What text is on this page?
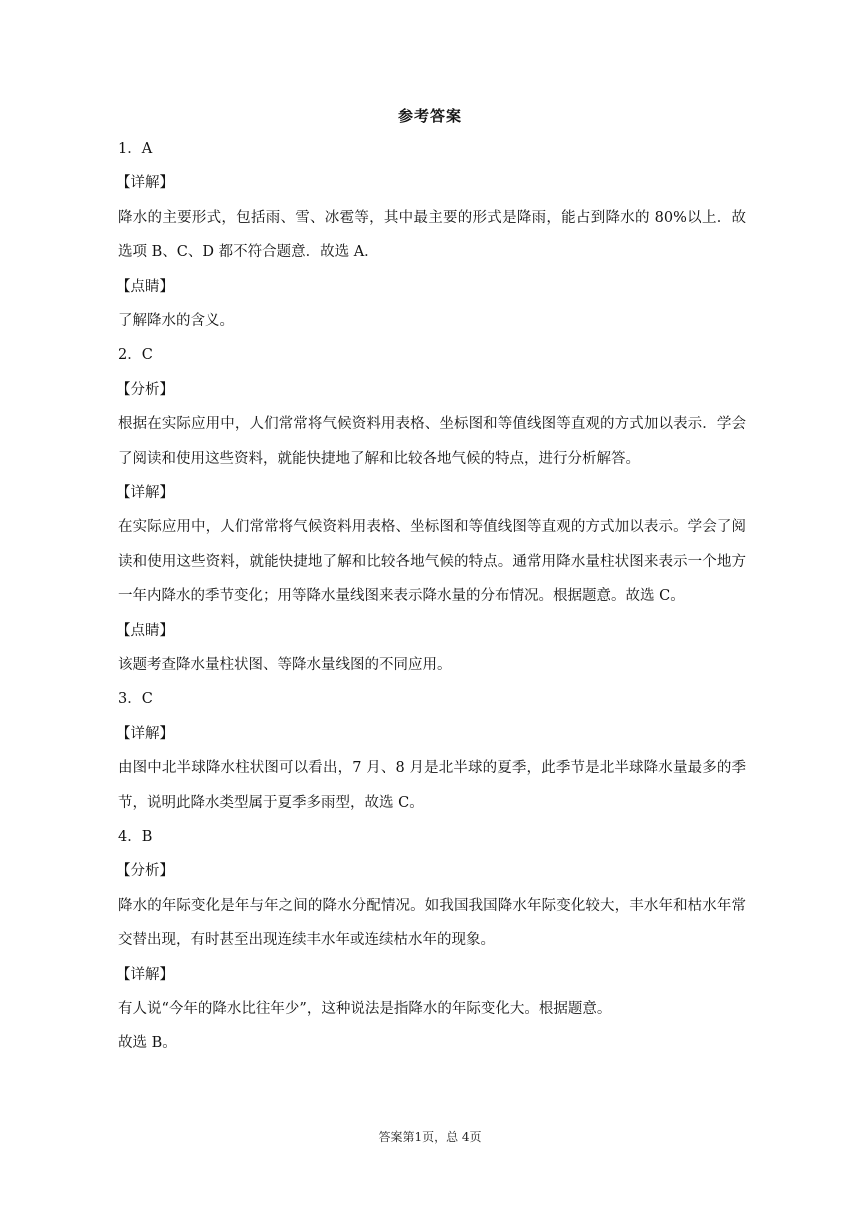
参考答案
1．A
【详解】
降水的主要形式，包括雨、雪、冰雹等，其中最主要的形式是降雨，能占到降水的 80%以上．故选项 B、C、D 都不符合题意．故选 A．
【点睛】
了解降水的含义。
2．C
【分析】
根据在实际应用中，人们常常将气候资料用表格、坐标图和等值线图等直观的方式加以表示．学会了阅读和使用这些资料，就能快捷地了解和比较各地气候的特点，进行分析解答。
【详解】
在实际应用中，人们常常将气候资料用表格、坐标图和等值线图等直观的方式加以表示。学会了阅读和使用这些资料，就能快捷地了解和比较各地气候的特点。通常用降水量柱状图来表示一个地方一年内降水的季节变化；用等降水量线图来表示降水量的分布情况。根据题意。故选 C。
【点睛】
该题考查降水量柱状图、等降水量线图的不同应用。
3．C
【详解】
由图中北半球降水柱状图可以看出，7 月、8 月是北半球的夏季，此季节是北半球降水量最多的季节，说明此降水类型属于夏季多雨型，故选 C。
4．B
【分析】
降水的年际变化是年与年之间的降水分配情况。如我国我国降水年际变化较大，丰水年和枯水年常交替出现，有时甚至出现连续丰水年或连续枯水年的现象。
【详解】
有人说“今年的降水比往年少”，这种说法是指降水的年际变化大。根据题意。
故选 B。
答案第1页，总 4页
